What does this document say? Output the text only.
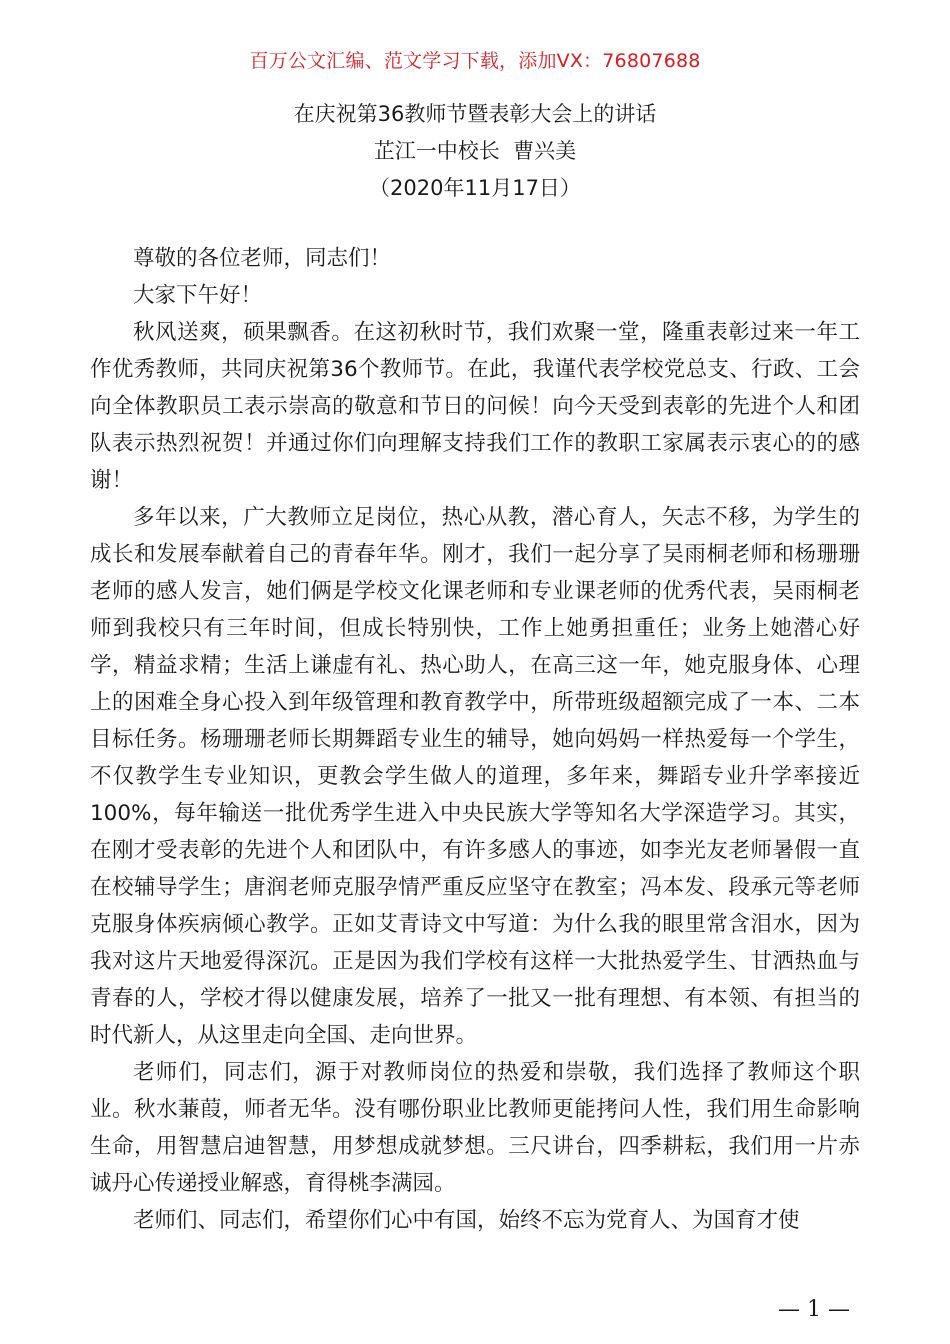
百万公文汇编、范文学习下载，添加VX：76807688
在庆祝第36教师节暨表彰大会上的讲话
芷江一中校长  曹兴美
（2020年11月17日）

尊敬的各位老师，同志们！

大家下午好！

秋风送爽，硕果飘香。在这初秋时节，我们欢聚一堂，隆重表彰过来一年工作优秀教师，共同庆祝第36个教师节。在此，我谨代表学校党总支、行政、工会向全体教职员工表示崇高的敬意和节日的问候！向今天受到表彰的先进个人和团队表示热烈祝贺！并通过你们向理解支持我们工作的教职工家属表示衷心的的感谢！

多年以来，广大教师立足岗位，热心从教，潜心育人，矢志不移，为学生的成长和发展奉献着自己的青春年华。刚才，我们一起分享了吴雨桐老师和杨珊珊老师的感人发言，她们俩是学校文化课老师和专业课老师的优秀代表，吴雨桐老师到我校只有三年时间，但成长特别快，工作上她勇担重任；业务上她潜心好学，精益求精；生活上谦虚有礼、热心助人，在高三这一年，她克服身体、心理上的困难全身心投入到年级管理和教育教学中，所带班级超额完成了一本、二本目标任务。杨珊珊老师长期舞蹈专业生的辅导，她向妈妈一样热爱每一个学生，不仅教学生专业知识，更教会学生做人的道理，多年来，舞蹈专业升学率接近100%，每年输送一批优秀学生进入中央民族大学等知名大学深造学习。其实，在刚才受表彰的先进个人和团队中，有许多感人的事迹，如李光友老师暑假一直在校辅导学生；唐润老师克服孕情严重反应坚守在教室；冯本发、段承元等老师克服身体疾病倾心教学。正如艾青诗文中写道：为什么我的眼里常含泪水，因为我对这片天地爱得深沉。正是因为我们学校有这样一大批热爱学生、甘洒热血与青春的人，学校才得以健康发展，培养了一批又一批有理想、有本领、有担当的时代新人，从这里走向全国、走向世界。

老师们，同志们，源于对教师岗位的热爱和崇敬，我们选择了教师这个职业。秋水蒹葭，师者无华。没有哪份职业比教师更能拷问人性，我们用生命影响生命，用智慧启迪智慧，用梦想成就梦想。三尺讲台，四季耕耘，我们用一片赤诚丹心传递授业解惑，育得桃李满园。

老师们、同志们，希望你们心中有国，始终不忘为党育人、为国育才使

— 1 —
